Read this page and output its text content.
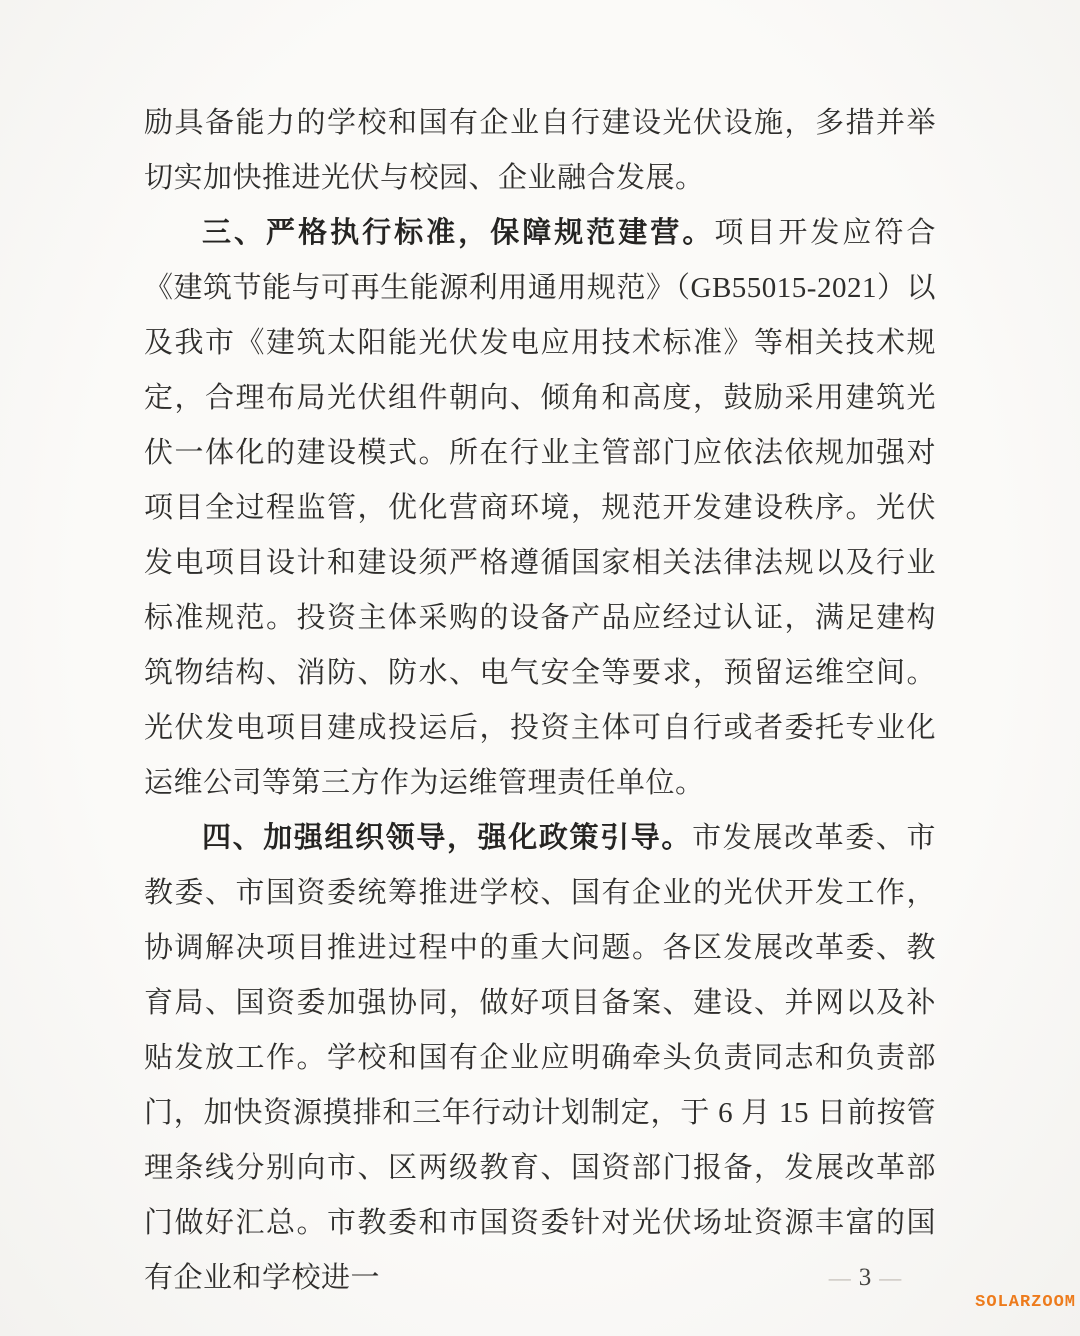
励具备能力的学校和国有企业自行建设光伏设施，多措并举切实加快推进光伏与校园、企业融合发展。

三、严格执行标准，保障规范建营。项目开发应符合《建筑节能与可再生能源利用通用规范》（GB55015-2021）以及我市《建筑太阳能光伏发电应用技术标准》等相关技术规定，合理布局光伏组件朝向、倾角和高度，鼓励采用建筑光伏一体化的建设模式。所在行业主管部门应依法依规加强对项目全过程监管，优化营商环境，规范开发建设秩序。光伏发电项目设计和建设须严格遵循国家相关法律法规以及行业标准规范。投资主体采购的设备产品应经过认证，满足建构筑物结构、消防、防水、电气安全等要求，预留运维空间。光伏发电项目建成投运后，投资主体可自行或者委托专业化运维公司等第三方作为运维管理责任单位。

四、加强组织领导，强化政策引导。市发展改革委、市教委、市国资委统筹推进学校、国有企业的光伏开发工作，协调解决项目推进过程中的重大问题。各区发展改革委、教育局、国资委加强协同，做好项目备案、建设、并网以及补贴发放工作。学校和国有企业应明确牵头负责同志和负责部门，加快资源摸排和三年行动计划制定，于 6 月 15 日前按管理条线分别向市、区两级教育、国资部门报备，发展改革部门做好汇总。市教委和市国资委针对光伏场址资源丰富的国有企业和学校进一	— 3 —
SOLARZOOM
